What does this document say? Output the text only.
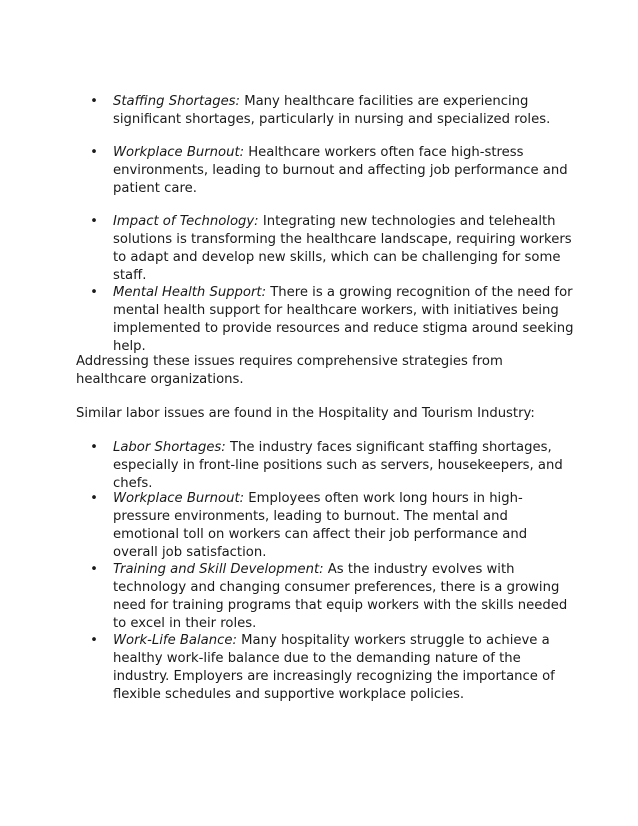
• Staffing Shortages: Many healthcare facilities are experiencing significant shortages, particularly in nursing and specialized roles.
• Workplace Burnout: Healthcare workers often face high-stress environments, leading to burnout and affecting job performance and patient care.
• Impact of Technology: Integrating new technologies and telehealth solutions is transforming the healthcare landscape, requiring workers to adapt and develop new skills, which can be challenging for some staff.
• Mental Health Support: There is a growing recognition of the need for mental health support for healthcare workers, with initiatives being implemented to provide resources and reduce stigma around seeking help.

Addressing these issues requires comprehensive strategies from healthcare organizations.

Similar labor issues are found in the Hospitality and Tourism Industry:

• Labor Shortages: The industry faces significant staffing shortages, especially in front-line positions such as servers, housekeepers, and chefs.
• Workplace Burnout: Employees often work long hours in high-pressure environments, leading to burnout. The mental and emotional toll on workers can affect their job performance and overall job satisfaction.
• Training and Skill Development: As the industry evolves with technology and changing consumer preferences, there is a growing need for training programs that equip workers with the skills needed to excel in their roles.
• Work-Life Balance: Many hospitality workers struggle to achieve a healthy work-life balance due to the demanding nature of the industry. Employers are increasingly recognizing the importance of flexible schedules and supportive workplace policies.
